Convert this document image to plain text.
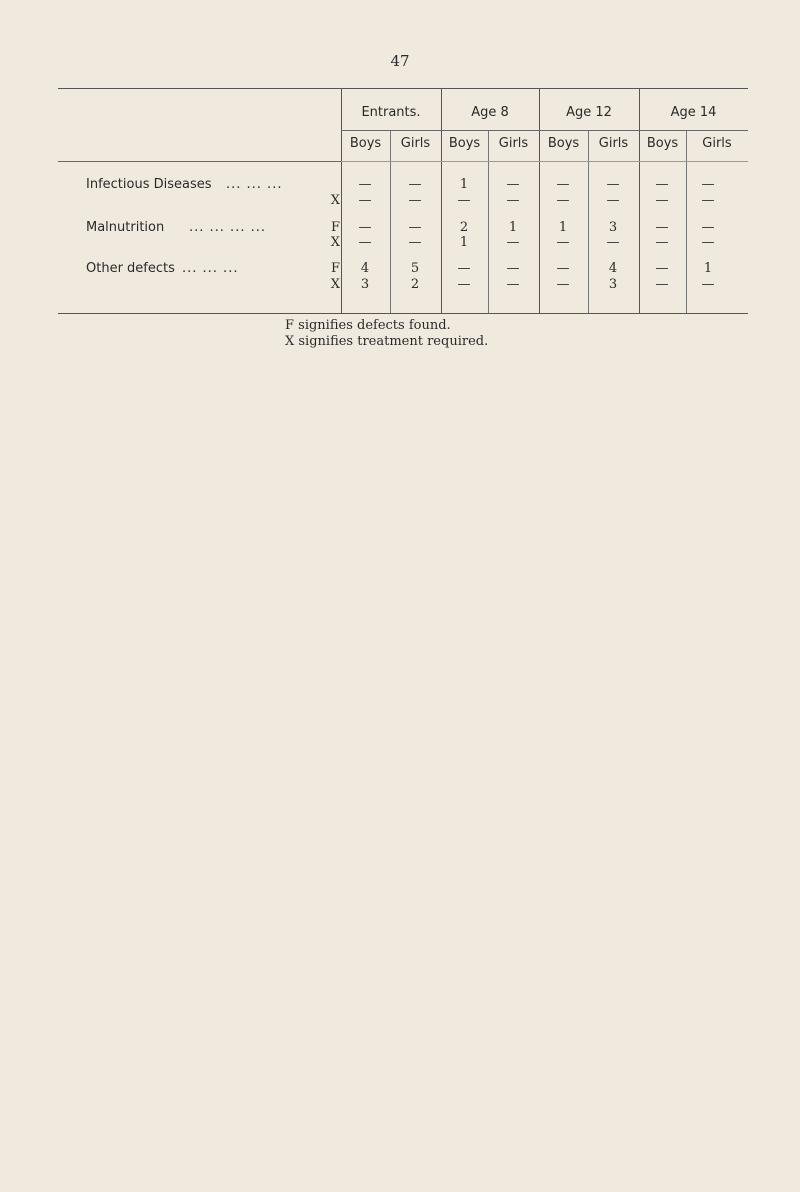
47
Entrants.	Age 8	Age 12	Age 14
Boys	Girls	Boys	Girls	Boys	Girls	Boys	Girls
Infectious Diseases ... ... ...	—	—	1	—	—	—	—	—
X	—	—	—	—	—	—	—	—
Malnutrition ... ... ... ...	F	—	—	2	1	1	3	—	—
X	—	—	1	—	—	—	—	—
Other defects ... ... ...	F	4	5	—	—	—	4	—	1
X	3	2	—	—	—	3	—	—
F signifies defects found.
X signifies treatment required.
